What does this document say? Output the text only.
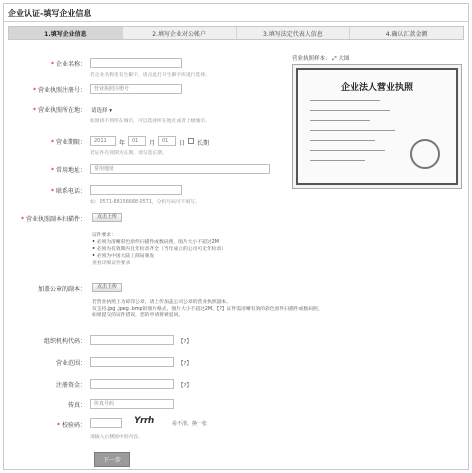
企业认证-填写企业信息
1.填写企业信息	2.填写企业对公帐户	3.填写法定代表人信息	4.确认汇款金额
* 企业名称：
若企业名称里有生僻字，请点此打开生僻字库进行选择。
* 营业执照注册号：	营业执照注册号
* 营业执照所在地： 请选择 ▾
如果找不到所在城市，可以选择所在地区或者上级城市。
* 营业期限：	2011	年	01	月	01	日 长期
若证件有效期为长期，请勾选长期。
* 常用地址：	常用地址
* 联系电话：
如：0571-88156688-0571，分机号码可不填写。
* 营业执照副本扫描件：	点击上传
证件要求：
• 必须为清晰彩色原件扫描件或数码照，图片大小不超过2M
• 必须为有效期内且年检章齐全（当年成立的公司可无年检章）
• 必须为中国大陆工商局颁发
查看详细证件要求
加盖公章的副本：	点击上传
若营业执照上为碎印公章，请上传加盖公司公章的营业执照副本。
仅支持.jpg .jpeg .bmp的图片格式，图片大小不超过2M。【?】证件需清晰有效的彩色原件扫描件或数码照，
如果提交的证件错误，您的申请将被驳回。
组织机构代码：	【?】
营业范围：	【?】
注册资金：	【?】
传真：	传真号码
* 校验码：	Yrrh	看不清，换一张
请输入右侧图中的内容。
下一步
营业执照样本： ⤢ 大图
企业法人营业执照
